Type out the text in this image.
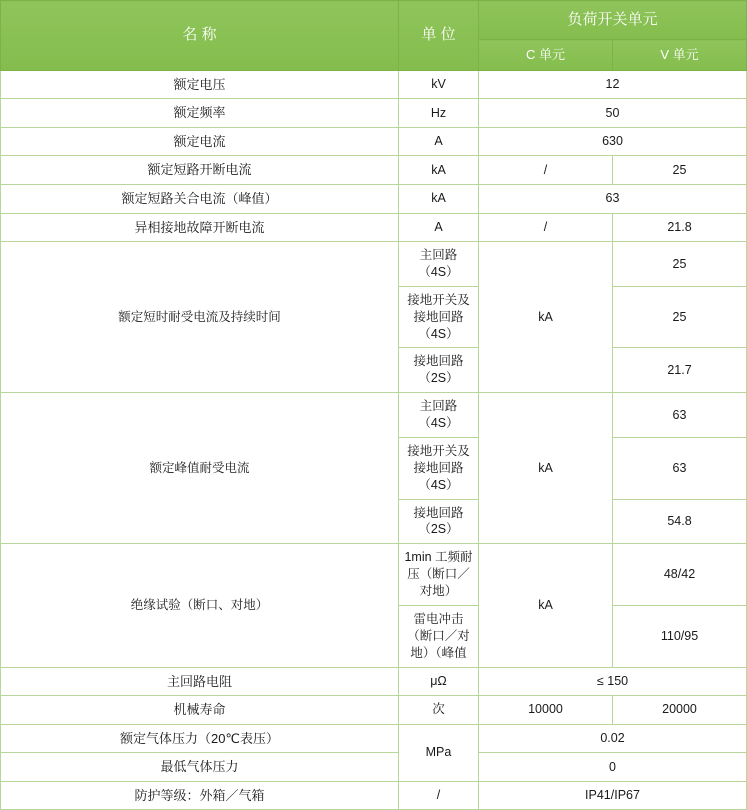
名 称	单 位	负荷开关单元	
		C 单元	V 单元
额定电压	kV	12	
额定频率	Hz	50	
额定电流	A	630	
额定短路开断电流	kA	/	25
额定短路关合电流（峰值）	kA	63	
异相接地故障开断电流	A	/	21.8
额定短时耐受电流及持续时间	主回路（4S）	kA	25
	接地开关及接地回路（4S）		25
	接地回路（2S）		21.7
额定峰值耐受电流	主回路（4S）	kA	63
	接地开关及接地回路（4S）		63
	接地回路（2S）		54.8
绝缘试验（断口、对地）	1min 工频耐压（断口／对地）	kA	48/42
	雷电冲击（断口／对地）（峰值		110/95
主回路电阻	μΩ	≤ 150	
机械寿命	次	10000	20000
额定气体压力（20℃表压）	MPa	0.02	
最低气体压力		0	
防护等级：外箱／气箱	/	IP41/IP67	
